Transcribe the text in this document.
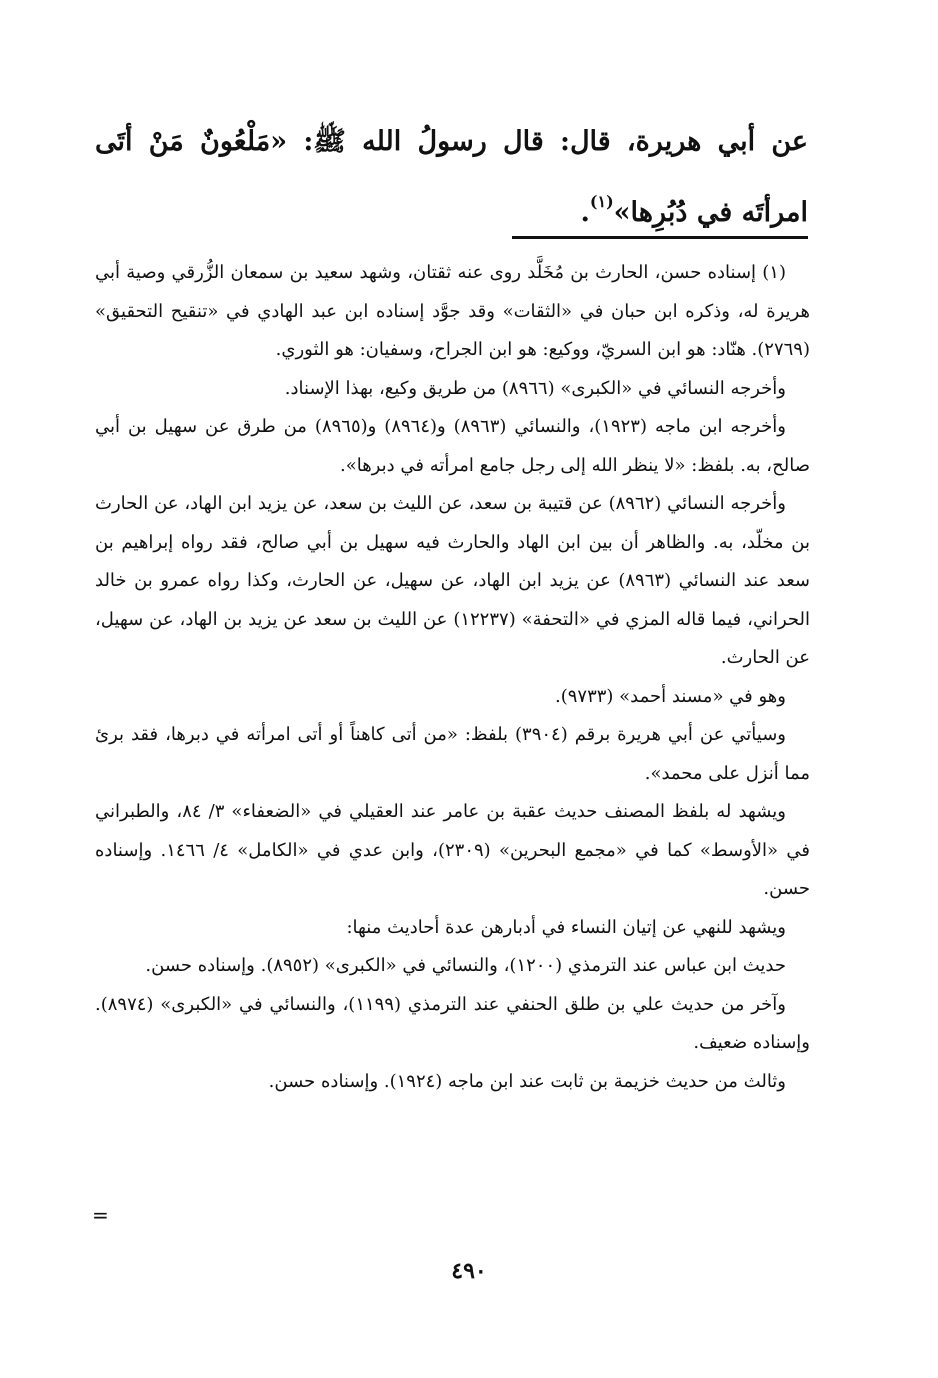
عن أبي هريرة، قال: قال رسولُ الله ﷺ: «مَلْعُونٌ مَنْ أتَى امرأتَه في دُبُرِها»$^{(١)}$.

(١) إسناده حسن، الحارث بن مُخَلَّد روى عنه ثقتان، وشهد سعيد بن سمعان الزُّرقي وصية أبي هريرة له، وذكره ابن حبان في «الثقات» وقد جوَّد إسناده ابن عبد الهادي في «تنقيح التحقيق» (٢٧٦٩). هنّاد: هو ابن السريّ، ووكيع: هو ابن الجراح، وسفيان: هو الثوري.

وأخرجه النسائي في «الكبرى» (٨٩٦٦) من طريق وكيع، بهذا الإسناد.

وأخرجه ابن ماجه (١٩٢٣)، والنسائي (٨٩٦٣) و(٨٩٦٤) و(٨٩٦٥) من طرق عن سهيل بن أبي صالح، به. بلفظ: «لا ينظر الله إلى رجل جامع امرأته في دبرها».

وأخرجه النسائي (٨٩٦٢) عن قتيبة بن سعد، عن الليث بن سعد، عن يزيد ابن الهاد، عن الحارث بن مخلّد، به. والظاهر أن بين ابن الهاد والحارث فيه سهيل بن أبي صالح، فقد رواه إبراهيم بن سعد عند النسائي (٨٩٦٣) عن يزيد ابن الهاد، عن سهيل، عن الحارث، وكذا رواه عمرو بن خالد الحراني، فيما قاله المزي في «التحفة» (١٢٢٣٧) عن الليث بن سعد عن يزيد بن الهاد، عن سهيل، عن الحارث.

وهو في «مسند أحمد» (٩٧٣٣).

وسيأتي عن أبي هريرة برقم (٣٩٠٤) بلفظ: «من أتى كاهناً أو أتى امرأته في دبرها، فقد برئ مما أنزل على محمد».

ويشهد له بلفظ المصنف حديث عقبة بن عامر عند العقيلي في «الضعفاء» ٣/ ٨٤، والطبراني في «الأوسط» كما في «مجمع البحرين» (٢٣٠٩)، وابن عدي في «الكامل» ٤/ ١٤٦٦. وإسناده حسن.

ويشهد للنهي عن إتيان النساء في أدبارهن عدة أحاديث منها:

حديث ابن عباس عند الترمذي (١٢٠٠)، والنسائي في «الكبرى» (٨٩٥٢). وإسناده حسن.

وآخر من حديث علي بن طلق الحنفي عند الترمذي (١١٩٩)، والنسائي في «الكبرى» (٨٩٧٤). وإسناده ضعيف.

وثالث من حديث خزيمة بن ثابت عند ابن ماجه (١٩٢٤). وإسناده حسن.

=
٤٩٠
